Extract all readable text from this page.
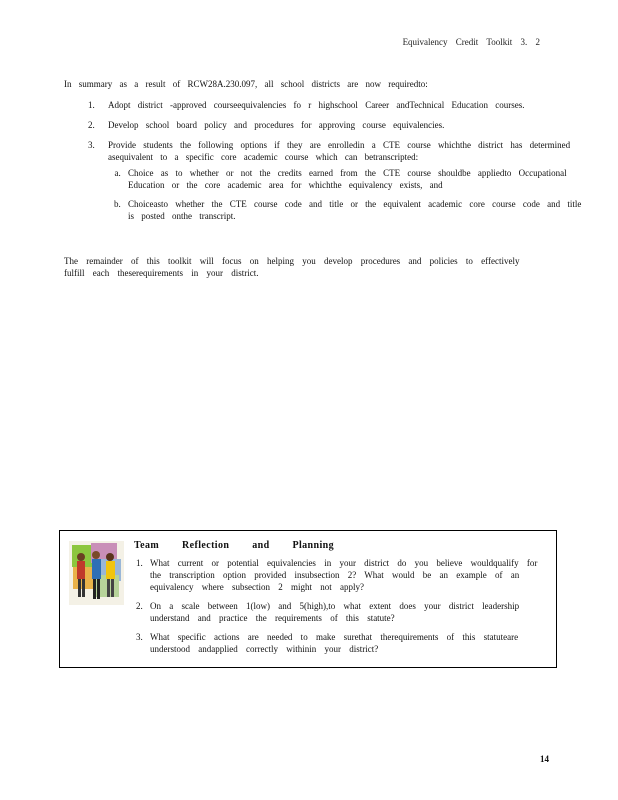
Equivalency Credit Toolkit 3. 2
In summary as a result of RCW28A.230.097, all school districts are now requiredto:
1. Adopt district -approved courseequivalencies fo r highschool Career andTechnical Education courses.
2. Develop school board policy and procedures for approving course equivalencies.
3. Provide students the following options if they are enrolledin a CTE course whichthe district has determined asequivalent to a specific core academic course which can betranscripted:
a. Choice as to whether or not the credits earned from the CTE course shouldbe appliedto Occupational Education or the core academic area for whichthe equivalency exists, and
b. Choiceasto whether the CTE course code and title or the equivalent academic core course code and title is posted onthe transcript.
The remainder of this toolkit will focus on helping you develop procedures and policies to effectively fulfill each theserequirements in your district.
Team Reflection and Planning
1. What current or potential equivalencies in your district do you believe wouldqualify for the transcription option provided insubsection 2? What would be an example of an equivalency where subsection 2 might not apply?
2. On a scale between 1(low) and 5(high),to what extent does your district leadership understand and practice the requirements of this statute?
3. What specific actions are needed to make surethat therequirements of this statuteare understood andapplied correctly withinin your district?
14
